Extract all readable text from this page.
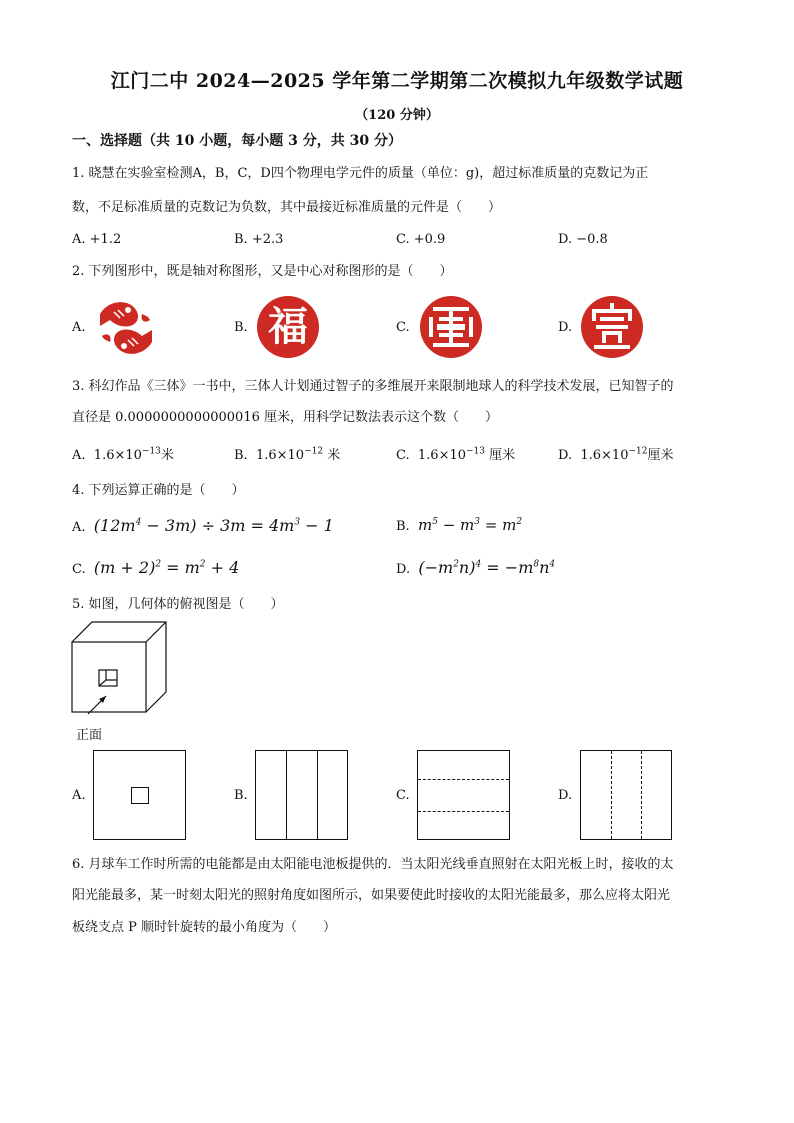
江门二中 2024—2025 学年第二学期第二次模拟九年级数学试题
（120 分钟）
一、选择题（共 10 小题，每小题 3 分，共 30 分）
1. 晓慧在实验室检测A，B，C，D四个物理电学元件的质量（单位：g)，超过标准质量的克数记为正
数，不足标准质量的克数记为负数，其中最接近标准质量的元件是（　　）
A. +1.2	B. +2.3	C. +0.9	D. −0.8
2. 下列图形中，既是轴对称图形，又是中心对称图形的是（　　）
A.	B.	C.	D.
福
3. 科幻作品《三体》一书中，三体人计划通过智子的多维展开来限制地球人的科学技术发展，已知智子的
直径是 0.0000000000000016 厘米，用科学记数法表示这个数（　　）
A. $1.6\times 10^{-13}$米	B. $1.6\times 10^{-12}$ 米	C. $1.6\times 10^{-13}$ 厘米	D. $1.6\times 10^{-12}$厘米
4. 下列运算正确的是（　　）
A. $(12m^4 - 3m) \div 3m = 4m^3 - 1$	B. $m^5 - m^3 = m^2$
C. $(m + 2)^2 = m^2 + 4$	D. $(-m^2n)^4 = -m^8n^4$
5. 如图，几何体的俯视图是（　　）
正面
A.	B.	C.	D.
6. 月球车工作时所需的电能都是由太阳能电池板提供的．当太阳光线垂直照射在太阳光板上时，接收的太
阳光能最多，某一时刻太阳光的照射角度如图所示，如果要使此时接收的太阳光能最多，那么应将太阳光
板绕支点 P 顺时针旋转的最小角度为（　　）
